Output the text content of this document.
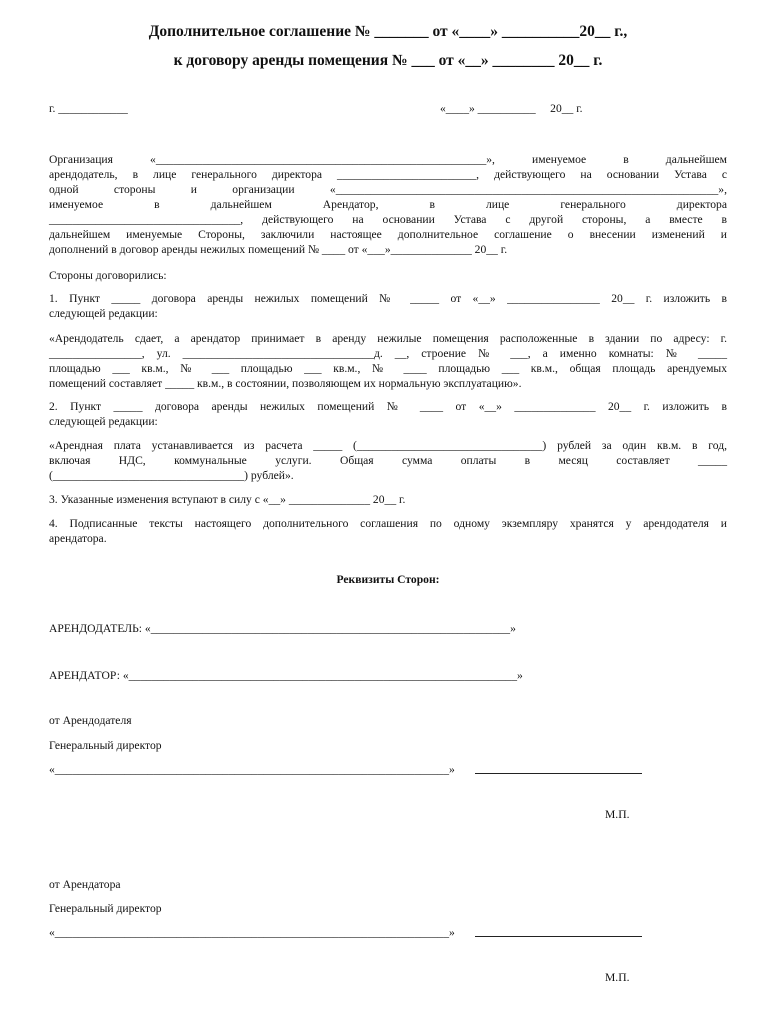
Дополнительное соглашение № _______ от «____» __________20__ г.,
к договору аренды помещения № ___ от «__» ________ 20__ г.
г. ____________	«____» __________     20__ г.
Организация «_________________________________________________________», именуемое в дальнейшем
арендодатель, в лице генерального директора ________________________, действующего на основании Устава с
одной стороны и организации «__________________________________________________________________»,
именуемое в дальнейшем Арендатор, в лице генерального директора
_________________________________, действующего на основании Устава с другой стороны, а вместе в
дальнейшем именуемые Стороны, заключили настоящее дополнительное соглашение о внесении изменений и
дополнений в договор аренды нежилых помещений № ____ от «___»______________ 20__ г.
Стороны договорились:
1. Пункт _____ договора аренды нежилых помещений № _____ от «__» ________________ 20__ г. изложить в
следующей редакции:
«Арендодатель сдает, а арендатор принимает в аренду нежилые помещения расположенные в здании по адресу: г.
________________, ул. _________________________________д. __, строение № ___, а именно комнаты: № _____
площадью ___ кв.м., № ___ площадью ___ кв.м., № ____ площадью ___ кв.м., общая площадь арендуемых
помещений составляет _____ кв.м., в состоянии, позволяющем их нормальную эксплуатацию».
2. Пункт _____ договора аренды нежилых помещений № ____ от «__» ______________ 20__ г. изложить в
следующей редакции:
«Арендная плата устанавливается из расчета _____ (________________________________) рублей за один кв.м. в год,
включая НДС, коммунальные услуги. Общая сумма оплаты в месяц составляет _____
(_________________________________) рублей».
3. Указанные изменения вступают в силу с «__» ______________ 20__ г.
4. Подписанные тексты настоящего дополнительного соглашения по одному экземпляру хранятся у арендодателя и
арендатора.
Реквизиты Сторон:
АРЕНДОДАТЕЛЬ: «______________________________________________________________»
АРЕНДАТОР: «___________________________________________________________________»
от Арендодателя
Генеральный директор
«____________________________________________________________________»
М.П.
от Арендатора
Генеральный директор
«____________________________________________________________________»
М.П.
